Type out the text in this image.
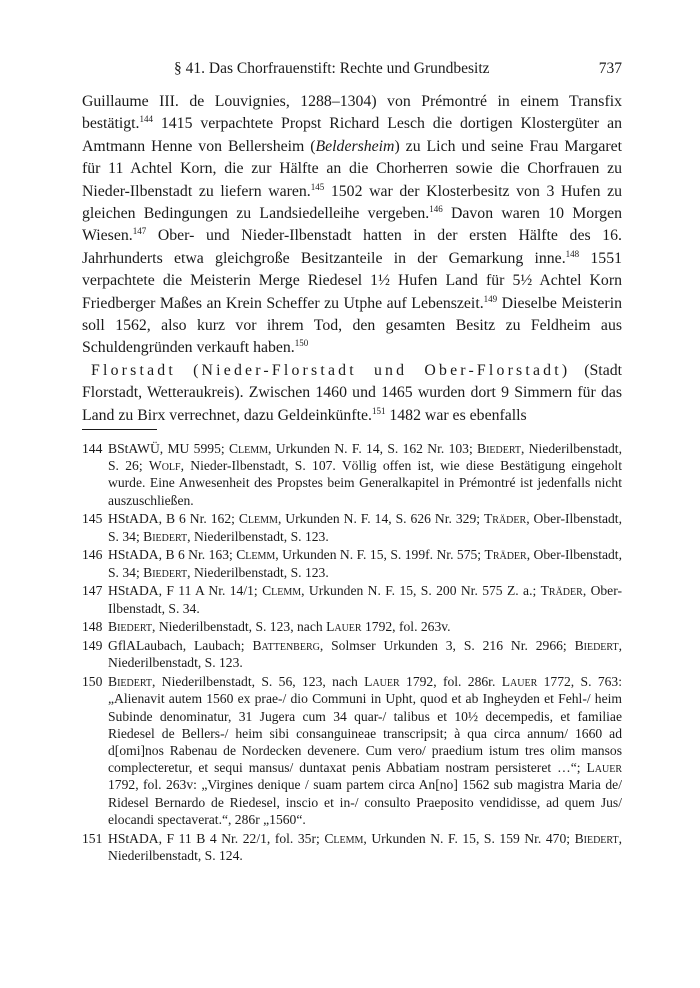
§ 41. Das Chorfrauenstift: Rechte und Grundbesitz	737

Guillaume III. de Louvignies, 1288–1304) von Prémontré in einem Transfix bestätigt.$^{144}$ 1415 verpachtete Propst Richard Lesch die dortigen Klostergüter an Amtmann Henne von Bellersheim (Beldersheim) zu Lich und seine Frau Margaret für 11 Achtel Korn, die zur Hälfte an die Chorherren sowie die Chorfrauen zu Nieder-Ilbenstadt zu liefern waren.$^{145}$ 1502 war der Klosterbesitz von 3 Hufen zu gleichen Bedingungen zu Landsiedelleihe vergeben.$^{146}$ Davon waren 10 Morgen Wiesen.$^{147}$ Ober- und Nieder-Ilbenstadt hatten in der ersten Hälfte des 16. Jahrhunderts etwa gleichgroße Besitzanteile in der Gemarkung inne.$^{148}$ 1551 verpachtete die Meisterin Merge Riedesel 1½ Hufen Land für 5½ Achtel Korn Friedberger Maßes an Krein Scheffer zu Utphe auf Lebenszeit.$^{149}$ Dieselbe Meisterin soll 1562, also kurz vor ihrem Tod, den gesamten Besitz zu Feldheim aus Schuldengründen verkauft haben.$^{150}$

Florstadt (Nieder-Florstadt und Ober-Florstadt) (Stadt Florstadt, Wetteraukreis). Zwischen 1460 und 1465 wurden dort 9 Simmern für das Land zu Birx verrechnet, dazu Geldeinkünfte.$^{151}$ 1482 war es ebenfalls

144 BStAWÜ, MU 5995; Clemm, Urkunden N. F. 14, S. 162 Nr. 103; Biedert, Niederilbenstadt, S. 26; Wolf, Nieder-Ilbenstadt, S. 107. Völlig offen ist, wie diese Bestätigung eingeholt wurde. Eine Anwesenheit des Propstes beim Generalkapitel in Prémontré ist jedenfalls nicht auszuschließen.
145 HStADA, B 6 Nr. 162; Clemm, Urkunden N. F. 14, S. 626 Nr. 329; Träder, Ober-Ilbenstadt, S. 34; Biedert, Niederilbenstadt, S. 123.
146 HStADA, B 6 Nr. 163; Clemm, Urkunden N. F. 15, S. 199f. Nr. 575; Träder, Ober-Ilbenstadt, S. 34; Biedert, Niederilbenstadt, S. 123.
147 HStADA, F 11 A Nr. 14/1; Clemm, Urkunden N. F. 15, S. 200 Nr. 575 Z. a.; Träder, Ober-Ilbenstadt, S. 34.
148 Biedert, Niederilbenstadt, S. 123, nach Lauer 1792, fol. 263v.
149 GflALaubach, Laubach; Battenberg, Solmser Urkunden 3, S. 216 Nr. 2966; Biedert, Niederilbenstadt, S. 123.
150 Biedert, Niederilbenstadt, S. 56, 123, nach Lauer 1792, fol. 286r. Lauer 1772, S. 763: „Alienavit autem 1560 ex prae-/ dio Communi in Upht, quod et ab Ingheyden et Fehl-/ heim Subinde denominatur, 31 Jugera cum 34 quar-/ talibus et 10½ decempedis, et familiae Riedesel de Bellers-/ heim sibi consanguineae transcripsit; à qua circa annum/ 1660 ad d[omi]nos Rabenau de Nordecken devenere. Cum vero/ praedium istum tres olim mansos complecteretur, et sequi mansus/ duntaxat penis Abbatiam nostram persisteret …“; Lauer 1792, fol. 263v: „Virgines denique / suam partem circa An[no] 1562 sub magistra Maria de/ Ridesel Bernardo de Riedesel, inscio et in-/ consulto Praeposito vendidisse, ad quem Jus/ elocandi spectaverat.“, 286r „1560“.
151 HStADA, F 11 B 4 Nr. 22/1, fol. 35r; Clemm, Urkunden N. F. 15, S. 159 Nr. 470; Biedert, Niederilbenstadt, S. 124.
